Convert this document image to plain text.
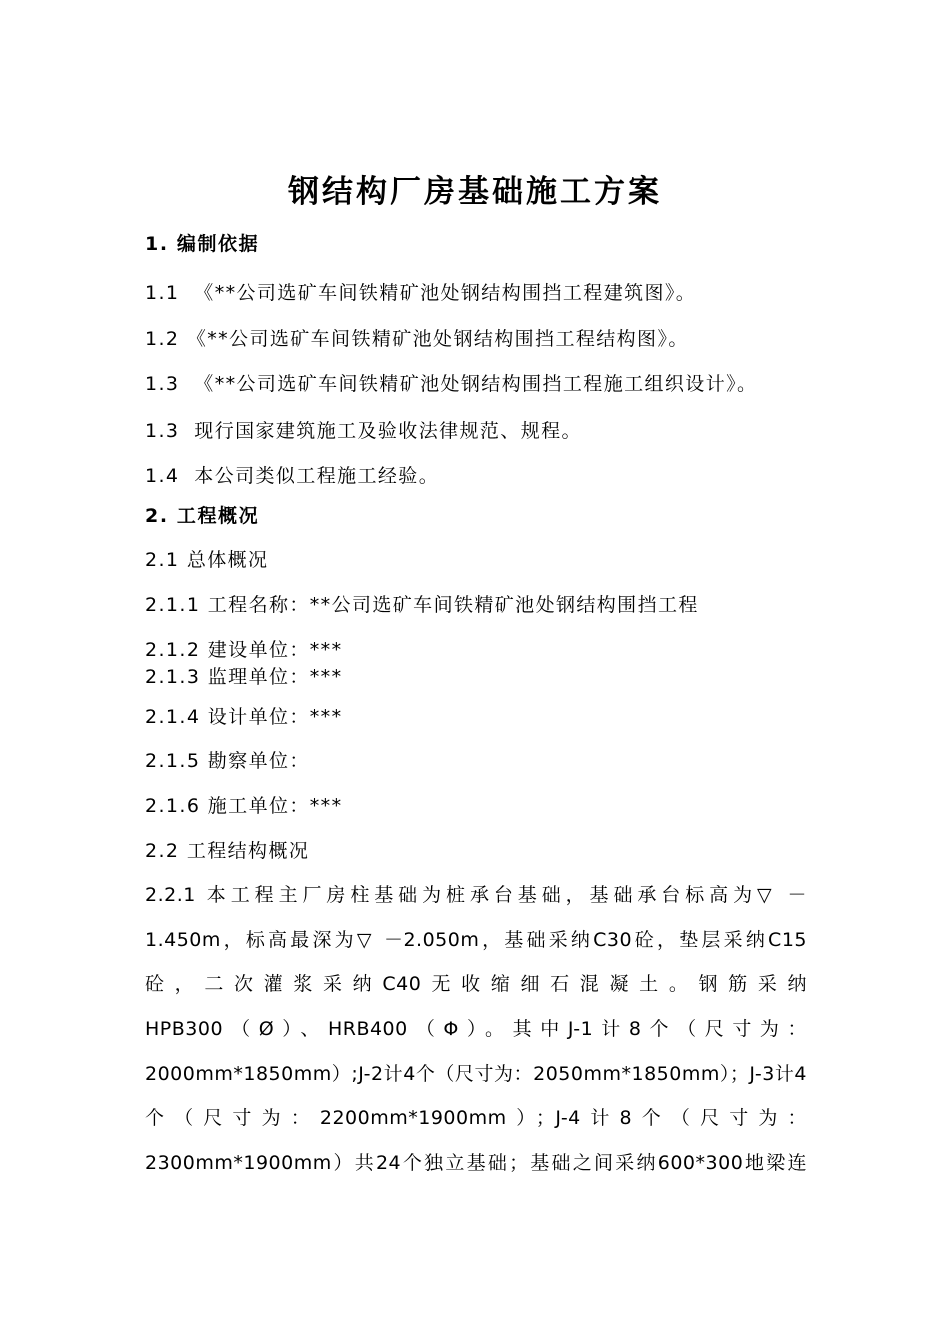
钢结构厂房基础施工方案
1. 编制依据
1.1  《**公司选矿车间铁精矿池处钢结构围挡工程建筑图》。
1.2 《**公司选矿车间铁精矿池处钢结构围挡工程结构图》。
1.3  《**公司选矿车间铁精矿池处钢结构围挡工程施工组织设计》。
1.3  现行国家建筑施工及验收法律规范、规程。
1.4  本公司类似工程施工经验。
2. 工程概况
2.1 总体概况
2.1.1 工程名称：**公司选矿车间铁精矿池处钢结构围挡工程
2.1.2 建设单位：***
2.1.3 监理单位：***
2.1.4 设计单位：***
2.1.5 勘察单位：
2.1.6 施工单位：***
2.2 工程结构概况
2.2.1 本工程主厂房柱基础为桩承台基础，基础承台标高为▽ －
1.450m，标高最深为▽ －2.050m，基础采纳C30砼，垫层采纳C15
砼，二次灌浆采纳C40无收缩细石混凝土。钢筋采纳
HPB300（Ø）、HRB400（Φ）。其中J-1计8个（尺寸为：
2000mm*1850mm）;J-2计4个（尺寸为：2050mm*1850mm）；J-3计4
个（尺寸为：2200mm*1900mm）；J-4计8个（尺寸为：
2300mm*1900mm）共24个独立基础；基础之间采纳600*300地梁连
